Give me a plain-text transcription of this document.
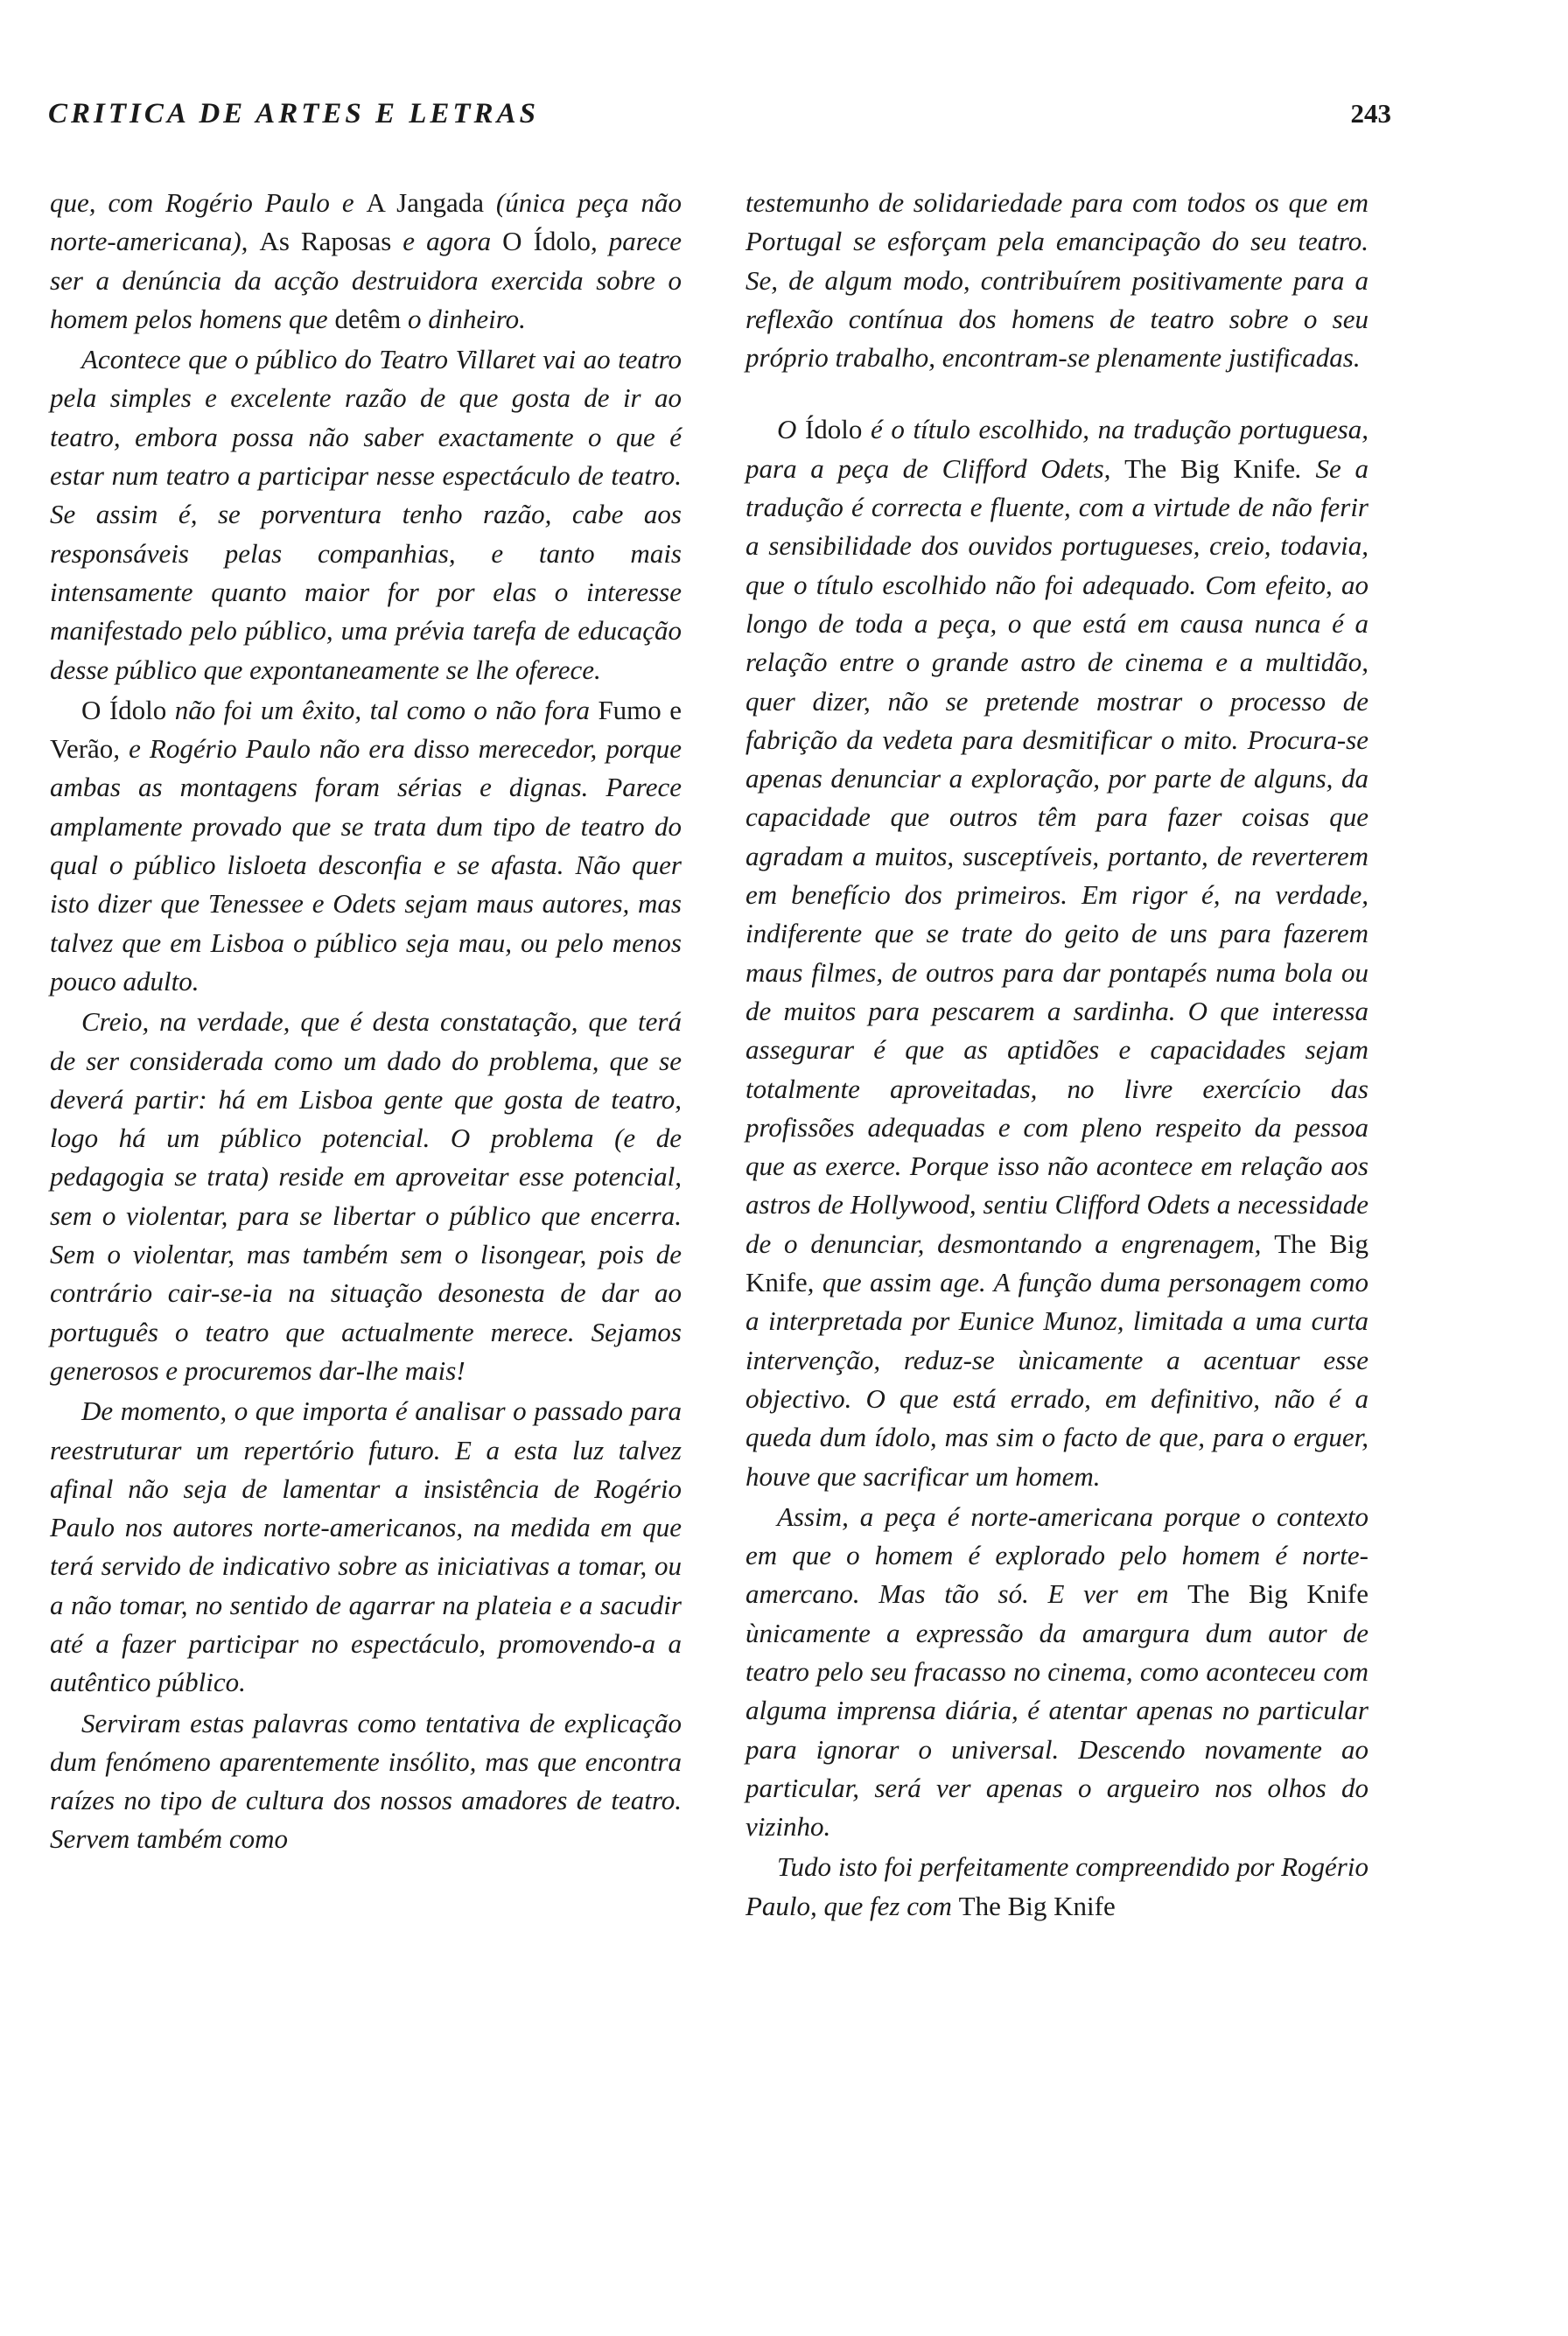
CRITICA DE ARTES E LETRAS	243

que, com Rogério Paulo e A Jangada (única peça não norte-americana), As Raposas e agora O Ídolo, parece ser a denúncia da acção destruidora exercida sobre o homem pelos homens que detêm o dinheiro.

Acontece que o público do Teatro Villaret vai ao teatro pela simples e excelente razão de que gosta de ir ao teatro, embora possa não saber exactamente o que é estar num teatro a participar nesse espectáculo de teatro. Se assim é, se porventura tenho razão, cabe aos responsáveis pelas companhias, e tanto mais intensamente quanto maior for por elas o interesse manifestado pelo público, uma prévia tarefa de educação desse público que expontaneamente se lhe oferece.

O Ídolo não foi um êxito, tal como o não fora Fumo e Verão, e Rogério Paulo não era disso merecedor, porque ambas as montagens foram sérias e dignas. Parece amplamente provado que se trata dum tipo de teatro do qual o público lisloeta desconfia e se afasta. Não quer isto dizer que Tenessee e Odets sejam maus autores, mas talvez que em Lisboa o público seja mau, ou pelo menos pouco adulto.

Creio, na verdade, que é desta constatação, que terá de ser considerada como um dado do problema, que se deverá partir: há em Lisboa gente que gosta de teatro, logo há um público potencial. O problema (e de pedagogia se trata) reside em aproveitar esse potencial, sem o violentar, para se libertar o público que encerra. Sem o violentar, mas também sem o lisongear, pois de contrário cair-se-ia na situação desonesta de dar ao português o teatro que actualmente merece. Sejamos generosos e procuremos dar-lhe mais!

De momento, o que importa é analisar o passado para reestruturar um repertório futuro. E a esta luz talvez afinal não seja de lamentar a insistência de Rogério Paulo nos autores norte-americanos, na medida em que terá servido de indicativo sobre as iniciativas a tomar, ou a não tomar, no sentido de agarrar na plateia e a sacudir até a fazer participar no espectáculo, promovendo-a a autêntico público.

Serviram estas palavras como tentativa de explicação dum fenómeno aparentemente insólito, mas que encontra raízes no tipo de cultura dos nossos amadores de teatro. Servem também como

testemunho de solidariedade para com todos os que em Portugal se esforçam pela emancipação do seu teatro. Se, de algum modo, contribuírem positivamente para a reflexão contínua dos homens de teatro sobre o seu próprio trabalho, encontram-se plenamente justificadas.

O Ídolo é o título escolhido, na tradução portuguesa, para a peça de Clifford Odets, The Big Knife. Se a tradução é correcta e fluente, com a virtude de não ferir a sensibilidade dos ouvidos portugueses, creio, todavia, que o título escolhido não foi adequado. Com efeito, ao longo de toda a peça, o que está em causa nunca é a relação entre o grande astro de cinema e a multidão, quer dizer, não se pretende mostrar o processo de fabrição da vedeta para desmitificar o mito. Procura-se apenas denunciar a exploração, por parte de alguns, da capacidade que outros têm para fazer coisas que agradam a muitos, susceptíveis, portanto, de reverterem em benefício dos primeiros. Em rigor é, na verdade, indiferente que se trate do geito de uns para fazerem maus filmes, de outros para dar pontapés numa bola ou de muitos para pescarem a sardinha. O que interessa assegurar é que as aptidões e capacidades sejam totalmente aproveitadas, no livre exercício das profissões adequadas e com pleno respeito da pessoa que as exerce. Porque isso não acontece em relação aos astros de Hollywood, sentiu Clifford Odets a necessidade de o denunciar, desmontando a engrenagem, The Big Knife, que assim age. A função duma personagem como a interpretada por Eunice Munoz, limitada a uma curta intervenção, reduz-se ùnicamente a acentuar esse objectivo. O que está errado, em definitivo, não é a queda dum ídolo, mas sim o facto de que, para o erguer, houve que sacrificar um homem.

Assim, a peça é norte-americana porque o contexto em que o homem é explorado pelo homem é norte-amercano. Mas tão só. E ver em The Big Knife ùnicamente a expressão da amargura dum autor de teatro pelo seu fracasso no cinema, como aconteceu com alguma imprensa diária, é atentar apenas no particular para ignorar o universal. Descendo novamente ao particular, será ver apenas o argueiro nos olhos do vizinho.

Tudo isto foi perfeitamente compreendido por Rogério Paulo, que fez com The Big Knife
